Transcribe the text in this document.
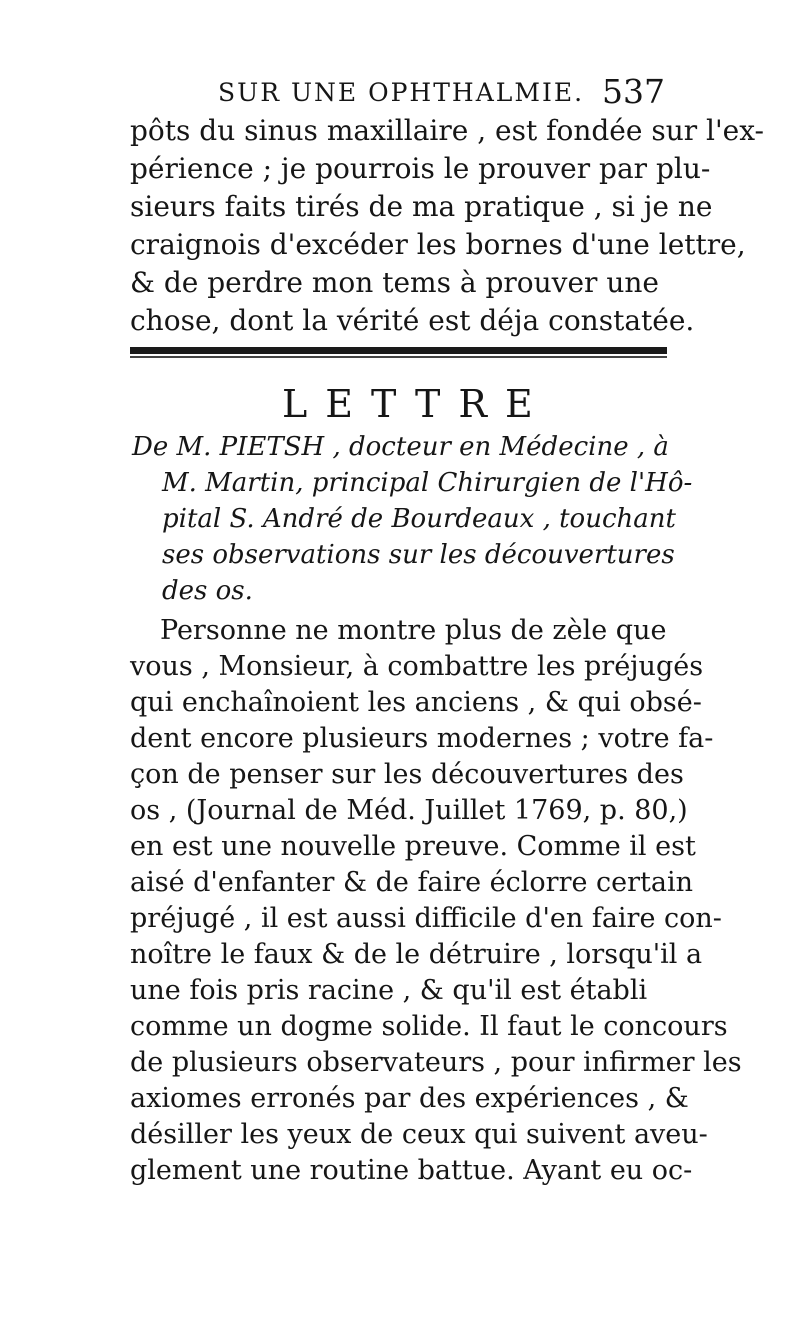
SUR UNE OPHTHALMIE. 537
pôts du sinus maxillaire , est fondée sur l'ex-
périence ; je pourrois le prouver par plu-
sieurs faits tirés de ma pratique , si je ne
craignois d'excéder les bornes d'une lettre,
& de perdre mon tems à prouver une
chose, dont la vérité est déja constatée.
LETTRE
De M. PIETSH , docteur en Médecine , à
M. Martin, principal Chirurgien de l'Hô-
pital S. André de Bourdeaux , touchant
ses observations sur les découvertures
des os.
Personne ne montre plus de zèle que
vous , Monsieur, à combattre les préjugés
qui enchaînoient les anciens , & qui obsé-
dent encore plusieurs modernes ; votre fa-
çon de penser sur les découvertures des
os , (Journal de Méd. Juillet 1769, p. 80,)
en est une nouvelle preuve. Comme il est
aisé d'enfanter & de faire éclorre certain
préjugé , il est aussi difficile d'en faire con-
noître le faux & de le détruire , lorsqu'il a
une fois pris racine , & qu'il est établi
comme un dogme solide. Il faut le concours
de plusieurs observateurs , pour infirmer les
axiomes erronés par des expériences , &
désiller les yeux de ceux qui suivent aveu-
glement une routine battue. Ayant eu oc-
